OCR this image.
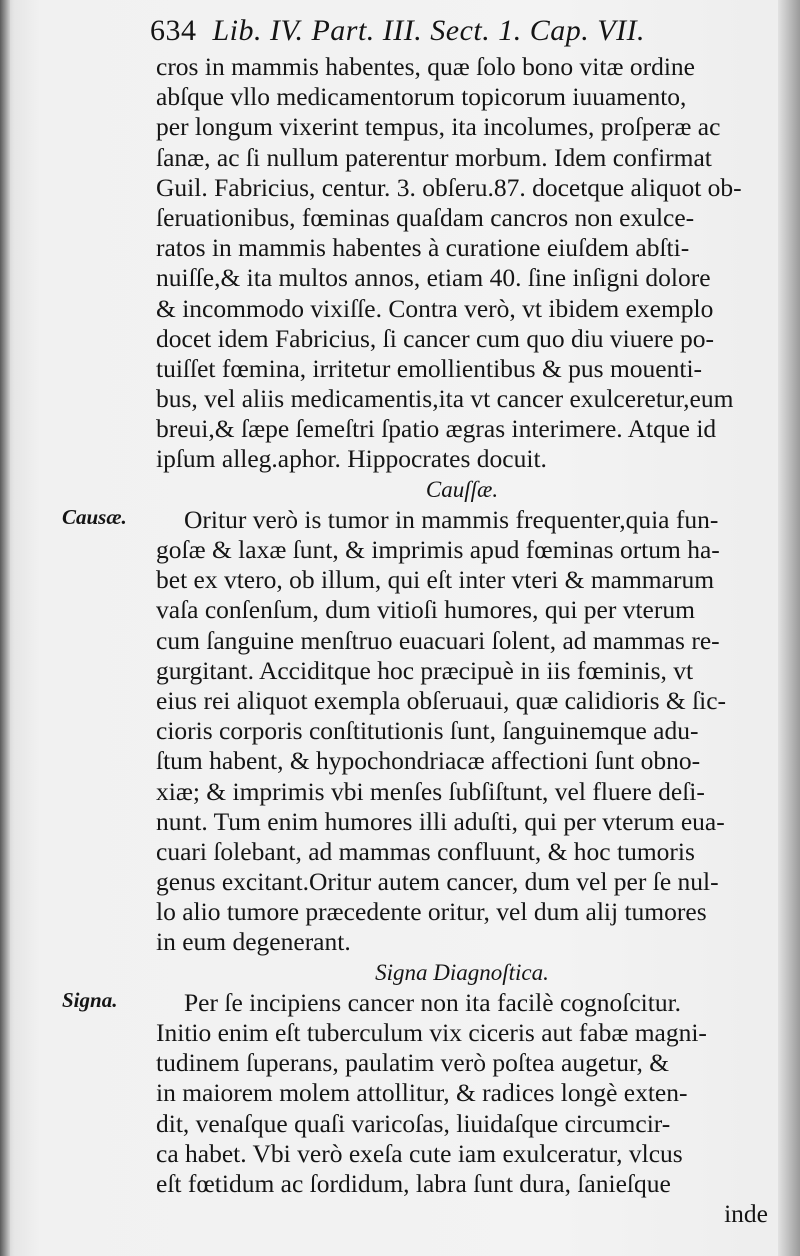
634 Lib. IV. Part. III. Sect. 1. Cap. VII.
Causæ.
Signa.
cros in mammis habentes, quæ ſolo bono vitæ ordine
abſque vllo medicamentorum topicorum iuuamento,
per longum vixerint tempus, ita incolumes, proſperæ ac
ſanæ, ac ſi nullum paterentur morbum. Idem confirmat
Guil. Fabricius, centur. 3. obſeru.87. docetque aliquot ob-
ſeruationibus, fœminas quaſdam cancros non exulce-
ratos in mammis habentes à curatione eiuſdem abſti-
nuiſſe,& ita multos annos, etiam 40. ſine inſigni dolore
& incommodo vixiſſe. Contra verò, vt ibidem exemplo
docet idem Fabricius, ſi cancer cum quo diu viuere po-
tuiſſet fœmina, irritetur emollientibus & pus mouenti-
bus, vel aliis medicamentis,ita vt cancer exulceretur,eum
breui,& ſæpe ſemeſtri ſpatio ægras interimere. Atque id
ipſum alleg.aphor. Hippocrates docuit.
Cauſſæ.
Oritur verò is tumor in mammis frequenter,quia fun-
goſæ & laxæ ſunt, & imprimis apud fœminas ortum ha-
bet ex vtero, ob illum, qui eſt inter vteri & mammarum
vaſa conſenſum, dum vitioſi humores, qui per vterum
cum ſanguine menſtruo euacuari ſolent, ad mammas re-
gurgitant. Acciditque hoc præcipuè in iis fœminis, vt
eius rei aliquot exempla obſeruaui, quæ calidioris & ſic-
cioris corporis conſtitutionis ſunt, ſanguinemque adu-
ſtum habent, & hypochondriacæ affectioni ſunt obno-
xiæ; & imprimis vbi menſes ſubſiſtunt, vel fluere deſi-
nunt. Tum enim humores illi aduſti, qui per vterum eua-
cuari ſolebant, ad mammas confluunt, & hoc tumoris
genus excitant.Oritur autem cancer, dum vel per ſe nul-
lo alio tumore præcedente oritur, vel dum alij tumores
in eum degenerant.
Signa Diagnoſtica.
Per ſe incipiens cancer non ita facilè cognoſcitur.
Initio enim eſt tuberculum vix ciceris aut fabæ magni-
tudinem ſuperans, paulatim verò poſtea augetur, &
in maiorem molem attollitur, & radices longè exten-
dit, venaſque quaſi varicoſas, liuidaſque circumcir-
ca habet. Vbi verò exeſa cute iam exulceratur, vlcus
eſt fœtidum ac ſordidum, labra ſunt dura, ſanieſque
inde
